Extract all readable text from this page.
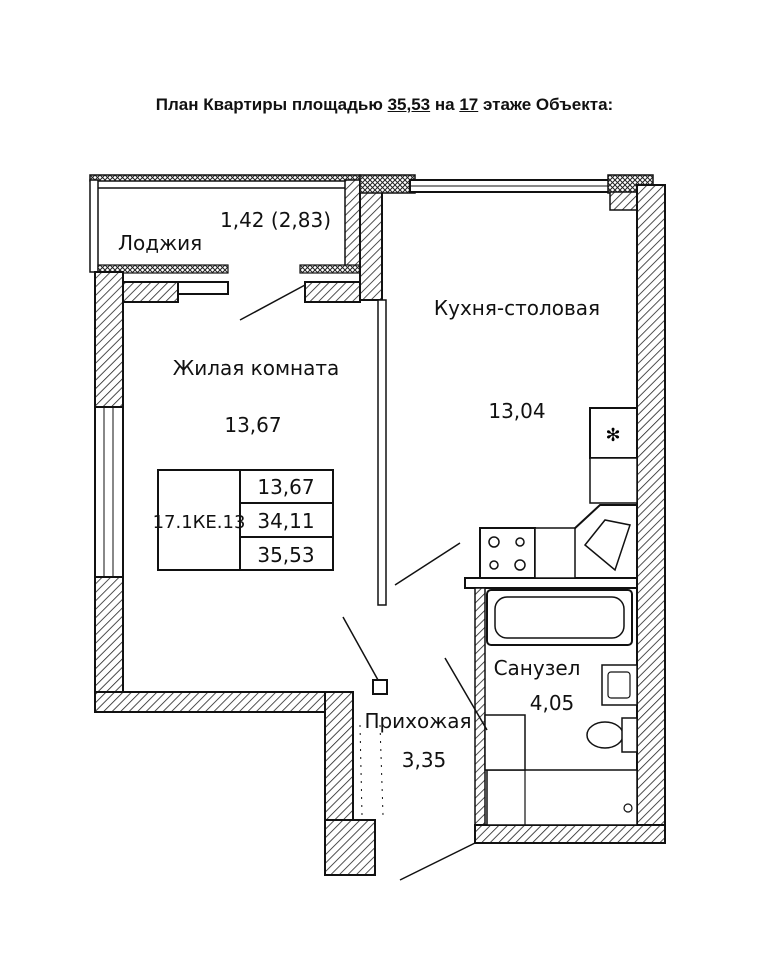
План Квартиры площадью 35,53 на 17 этаже Объекта:
✻
17.1КЕ.13
13,67
34,11
35,53
1,42 (2,83)
Лоджия
Жилая комната
13,67
Кухня-столовая
13,04
Санузел
4,05
Прихожая
3,35
